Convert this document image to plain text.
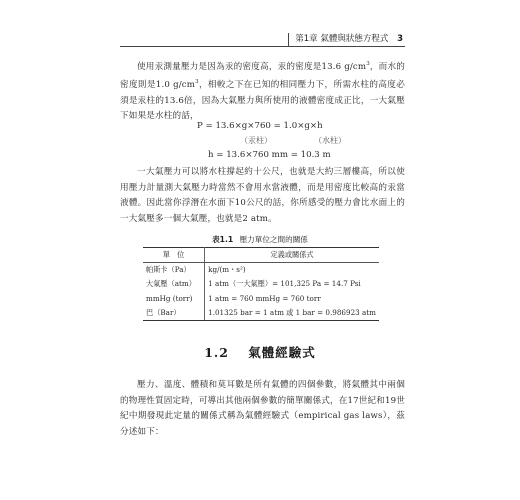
第1章 氣體與狀態方程式 3

使用汞測量壓力是因為汞的密度高，汞的密度是13.6 $g/cm^3$，而水的密度則是1.0 $g/cm^3$，相較之下在已知的相同壓力下，所需水柱的高度必須是汞柱的13.6倍，因為大氣壓力與所使用的液體密度成正比，一大氣壓下如果是水柱的話，

P = 13.6×g×760 = 1.0×g×h
（汞柱）	（水柱）
h = 13.6×760 mm = 10.3 m

一大氣壓力可以將水柱撐起約十公尺，也就是大約三層樓高，所以使用壓力計量測大氣壓力時當然不會用水當液體，而是用密度比較高的汞當液體。因此當你浮潛在水面下10公尺的話，你所感受的壓力會比水面上的一大氣壓多一個大氣壓，也就是2 atm。

表1.1 壓力單位之間的關係
單　位	定義或關係式
帕斯卡（Pa）	kg/(m・s²)
大氣壓（atm）	1 atm（一大氣壓）= 101,325 Pa = 14.7 Psi
mmHg (torr)	1 atm = 760 mmHg = 760 torr
巴（Bar）	1.01325 bar = 1 atm 或 1 bar = 0.986923 atm
1.2 氣體經驗式

壓力、溫度、體積和莫耳數是所有氣體的四個參數，將氣體其中兩個的物理性質固定時，可導出其他兩個參數的簡單關係式，在17世紀和19世紀中期發現此定量的關係式稱為氣體經驗式（empirical gas laws），茲分述如下：
